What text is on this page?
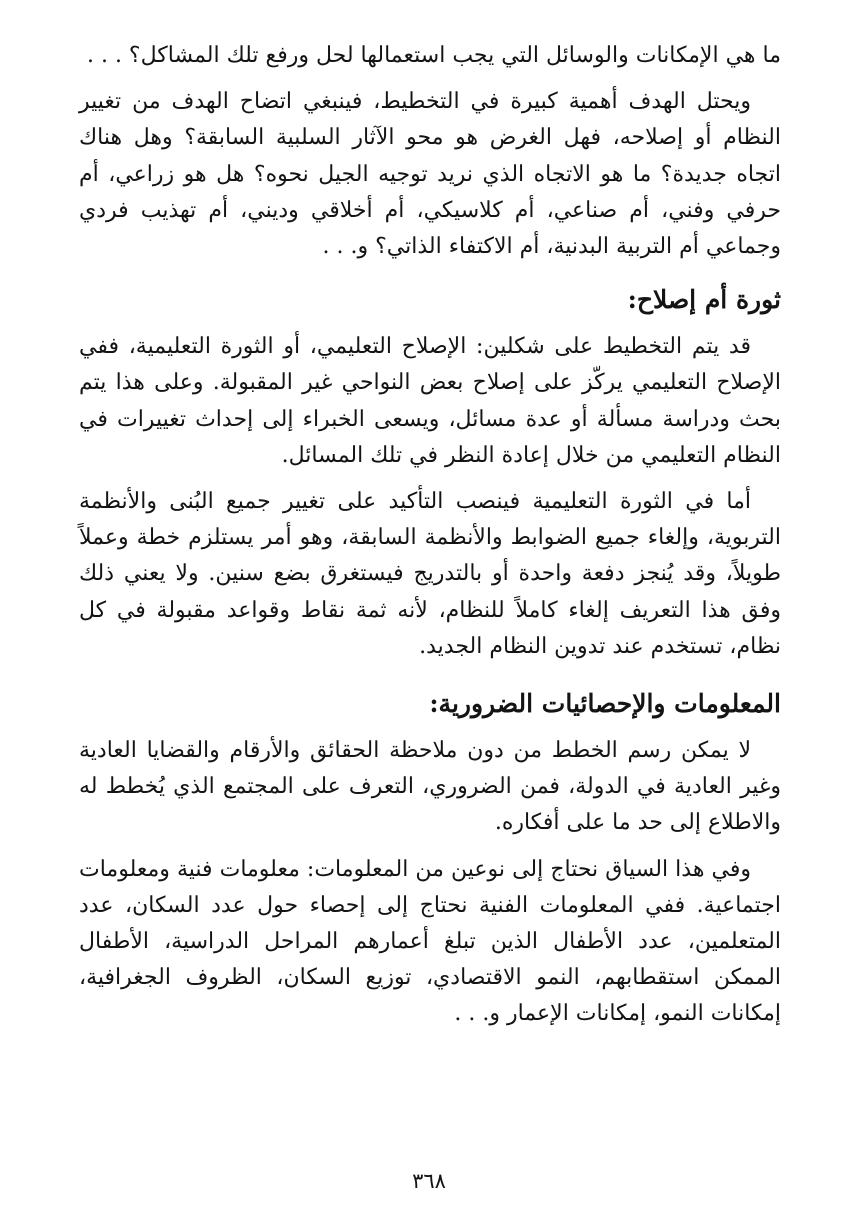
ما هي الإمكانات والوسائل التي يجب استعمالها لحل ورفع تلك المشاكل؟ . . .

ويحتل الهدف أهمية كبيرة في التخطيط، فينبغي اتضاح الهدف من تغيير النظام أو إصلاحه، فهل الغرض هو محو الآثار السلبية السابقة؟ وهل هناك اتجاه جديدة؟ ما هو الاتجاه الذي نريد توجيه الجيل نحوه؟ هل هو زراعي، أم حرفي وفني، أم صناعي، أم كلاسيكي، أم أخلاقي وديني، أم تهذيب فردي وجماعي أم التربية البدنية، أم الاكتفاء الذاتي؟ و. . .

ثورة أم إصلاح:

قد يتم التخطيط على شكلين: الإصلاح التعليمي، أو الثورة التعليمية، ففي الإصلاح التعليمي يركّز على إصلاح بعض النواحي غير المقبولة. وعلى هذا يتم بحث ودراسة مسألة أو عدة مسائل، ويسعى الخبراء إلى إحداث تغييرات في النظام التعليمي من خلال إعادة النظر في تلك المسائل.

أما في الثورة التعليمية فينصب التأكيد على تغيير جميع البُنى والأنظمة التربوية، وإلغاء جميع الضوابط والأنظمة السابقة، وهو أمر يستلزم خطة وعملاً طويلاً، وقد يُنجز دفعة واحدة أو بالتدريج فيستغرق بضع سنين. ولا يعني ذلك وفق هذا التعريف إلغاء كاملاً للنظام، لأنه ثمة نقاط وقواعد مقبولة في كل نظام، تستخدم عند تدوين النظام الجديد.

المعلومات والإحصائيات الضرورية:

لا يمكن رسم الخطط من دون ملاحظة الحقائق والأرقام والقضايا العادية وغير العادية في الدولة، فمن الضروري، التعرف على المجتمع الذي يُخطط له والاطلاع إلى حد ما على أفكاره.

وفي هذا السياق نحتاج إلى نوعين من المعلومات: معلومات فنية ومعلومات اجتماعية. ففي المعلومات الفنية نحتاج إلى إحصاء حول عدد السكان، عدد المتعلمين، عدد الأطفال الذين تبلغ أعمارهم المراحل الدراسية، الأطفال الممكن استقطابهم، النمو الاقتصادي، توزيع السكان، الظروف الجغرافية، إمكانات النمو، إمكانات الإعمار و. . .

٣٦٨
